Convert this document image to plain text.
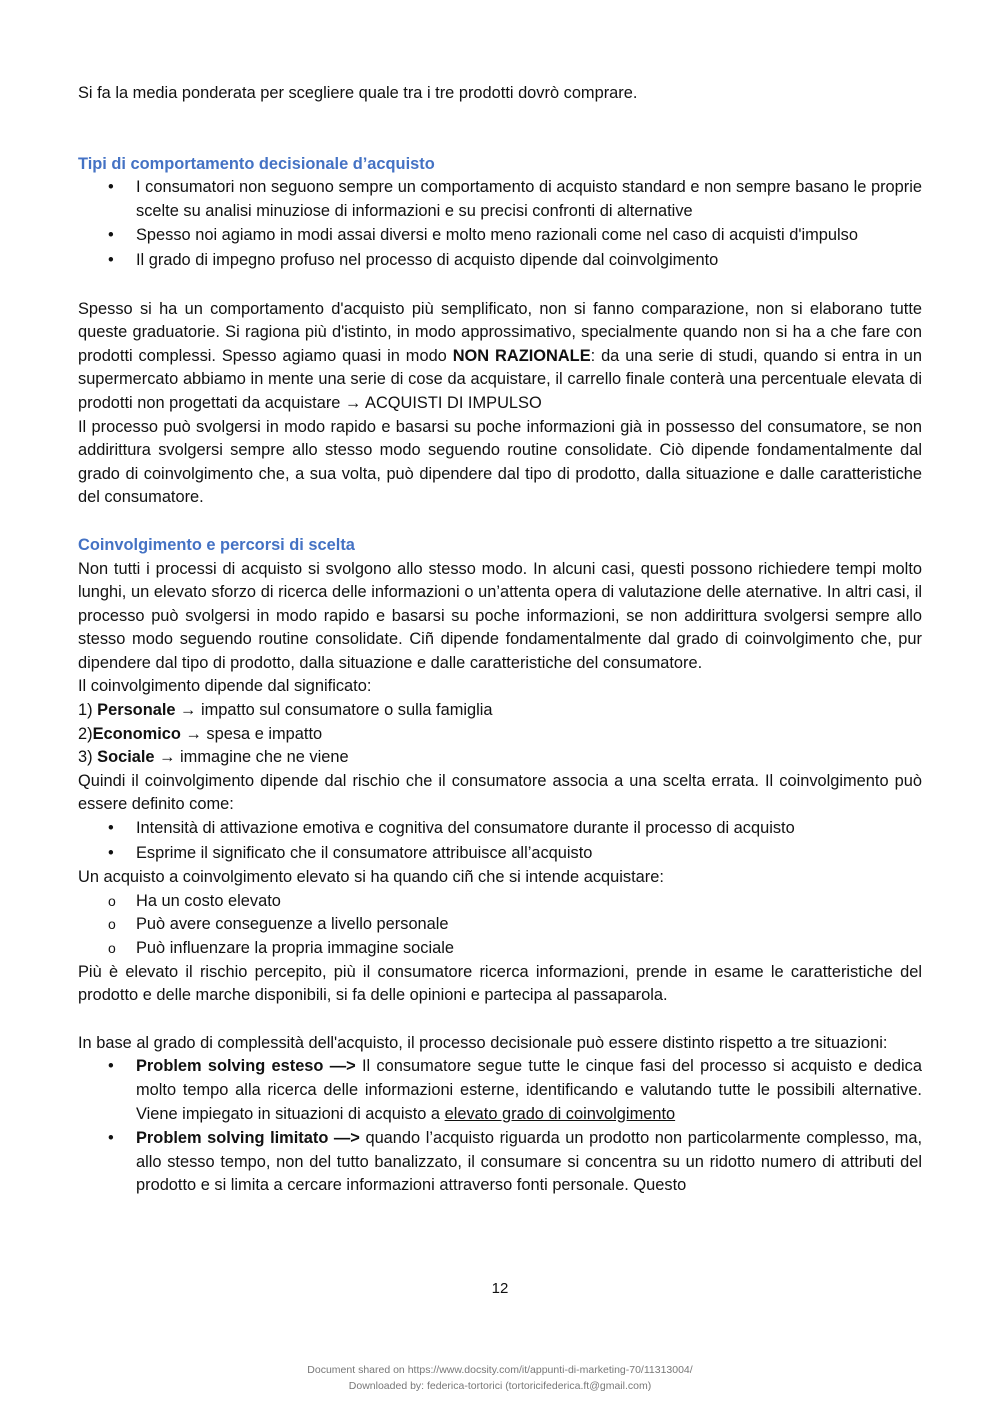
Si fa la media ponderata per scegliere quale tra i tre prodotti dovrò comprare.

Tipi di comportamento decisionale d’acquisto
• I consumatori non seguono sempre un comportamento di acquisto standard e non sempre basano le proprie scelte su analisi minuziose di informazioni e su precisi confronti di alternative
• Spesso noi agiamo in modi assai diversi e molto meno razionali come nel caso di acquisti d'impulso
• Il grado di impegno profuso nel processo di acquisto dipende dal coinvolgimento

Spesso si ha un comportamento d'acquisto più semplificato, non si fanno comparazione, non si elaborano tutte queste graduatorie. Si ragiona più d'istinto, in modo approssimativo, specialmente quando non si ha a che fare con prodotti complessi. Spesso agiamo quasi in modo NON RAZIONALE: da una serie di studi, quando si entra in un supermercato abbiamo in mente una serie di cose da acquistare, il carrello finale conterà una percentuale elevata di prodotti non progettati da acquistare → ACQUISTI DI IMPULSO

Il processo può svolgersi in modo rapido e basarsi su poche informazioni già in possesso del consumatore, se non addirittura svolgersi sempre allo stesso modo seguendo routine consolidate. Ciò dipende fondamentalmente dal grado di coinvolgimento che, a sua volta, può dipendere dal tipo di prodotto, dalla situazione e dalle caratteristiche del consumatore.

Coinvolgimento e percorsi di scelta

Non tutti i processi di acquisto si svolgono allo stesso modo. In alcuni casi, questi possono richiedere tempi molto lunghi, un elevato sforzo di ricerca delle informazioni o un’attenta opera di valutazione delle aternative. In altri casi, il processo può svolgersi in modo rapido e basarsi su poche informazioni, se non addirittura svolgersi sempre allo stesso modo seguendo routine consolidate. Ciñ dipende fondamentalmente dal grado di coinvolgimento che, pur dipendere dal tipo di prodotto, dalla situazione e dalle caratteristiche del consumatore.

Il coinvolgimento dipende dal significato:

1) Personale → impatto sul consumatore o sulla famiglia

2)Economico → spesa e impatto

3) Sociale → immagine che ne viene

Quindi il coinvolgimento dipende dal rischio che il consumatore associa a una scelta errata. Il coinvolgimento può essere definito come:

• Intensità di attivazione emotiva e cognitiva del consumatore durante il processo di acquisto
• Esprime il significato che il consumatore attribuisce all’acquisto

Un acquisto a coinvolgimento elevato si ha quando ciñ che si intende acquistare:

o Ha un costo elevato
o Può avere conseguenze a livello personale
o Può influenzare la propria immagine sociale

Più è elevato il rischio percepito, più il consumatore ricerca informazioni, prende in esame le caratteristiche del prodotto e delle marche disponibili, si fa delle opinioni e partecipa al passaparola.

In base al grado di complessità dell'acquisto, il processo decisionale può essere distinto rispetto a tre situazioni:

• Problem solving esteso —> Il consumatore segue tutte le cinque fasi del processo si acquisto e dedica molto tempo alla ricerca delle informazioni esterne, identificando e valutando tutte le possibili alternative. Viene impiegato in situazioni di acquisto a elevato grado di coinvolgimento
• Problem solving limitato —> quando l’acquisto riguarda un prodotto non particolarmente complesso, ma, allo stesso tempo, non del tutto banalizzato, il consumare si concentra su un ridotto numero di attributi del prodotto e si limita a cercare informazioni attraverso fonti personale. Questo
12
Document shared on https://www.docsity.com/it/appunti-di-marketing-70/11313004/
Downloaded by: federica-tortorici (tortoricifederica.ft@gmail.com)
